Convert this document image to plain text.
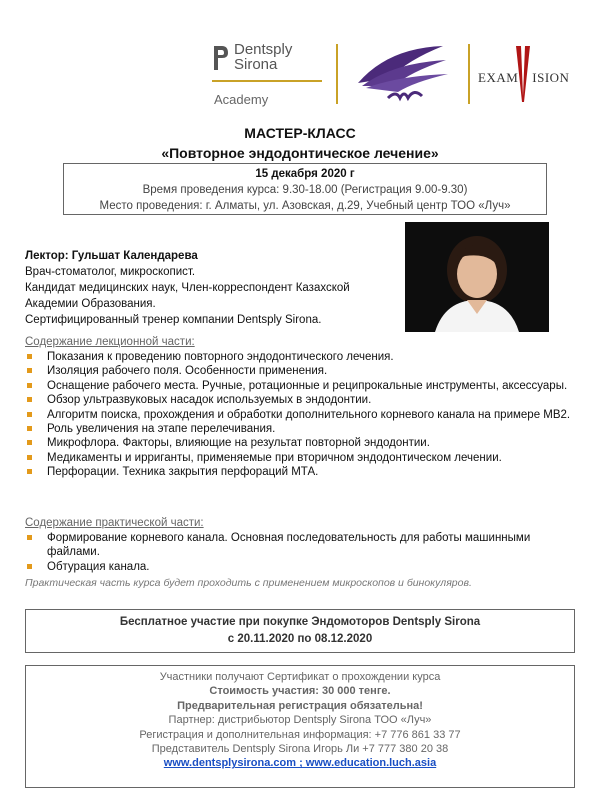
Dentsply
Sirona
Academy
EXAM ISION
МАСТЕР-КЛАСС
«Повторное эндодонтическое лечение»
15 декабря 2020 г
Время проведения курса: 9.30-18.00 (Регистрация 9.00-9.30)
Место проведения: г. Алматы, ул. Азовская, д.29, Учебный центр ТОО «Луч»
Лектор: Гульшат Календарева
Врач-стоматолог, микроскопист.
Кандидат медицинских наук, Член-корреспондент Казахской Академии Образования.
Сертифицированный тренер компании Dentsply Sirona.
Содержание лекционной части:
Показания к проведению повторного эндодонтического лечения.
Изоляция рабочего поля. Особенности применения.
Оснащение рабочего места. Ручные, ротационные и реципрокальные инструменты, аксессуары.
Обзор ультразвуковых насадок используемых в эндодонтии.
Алгоритм поиска, прохождения и обработки дополнительного корневого канала на примере МВ2.
Роль увеличения на этапе перелечивания.
Микрофлора. Факторы, влияющие на результат повторной эндодонтии.
Медикаменты и ирриганты, применяемые при вторичном эндодонтическом лечении.
Перфорации. Техника закрытия перфораций МТА.
Содержание практической части:
Формирование корневого канала. Основная последовательность для работы машинными файлами.
Обтурация канала.
Практическая часть курса будет проходить с применением микроскопов и бинокуляров.
Бесплатное участие при покупке Эндомоторов Dentsply Sirona
с 20.11.2020 по 08.12.2020
Участники получают Сертификат о прохождении курса
Стоимость участия: 30 000 тенге.
Предварительная регистрация обязательна!
Партнер: дистрибьютор Dentsply Sirona ТОО «Луч»
Регистрация и дополнительная информация: +7 776 861 33 77
Представитель Dentsply Sirona Игорь Ли +7 777 380 20 38
www.dentsplysirona.com ; www.education.luch.asia
